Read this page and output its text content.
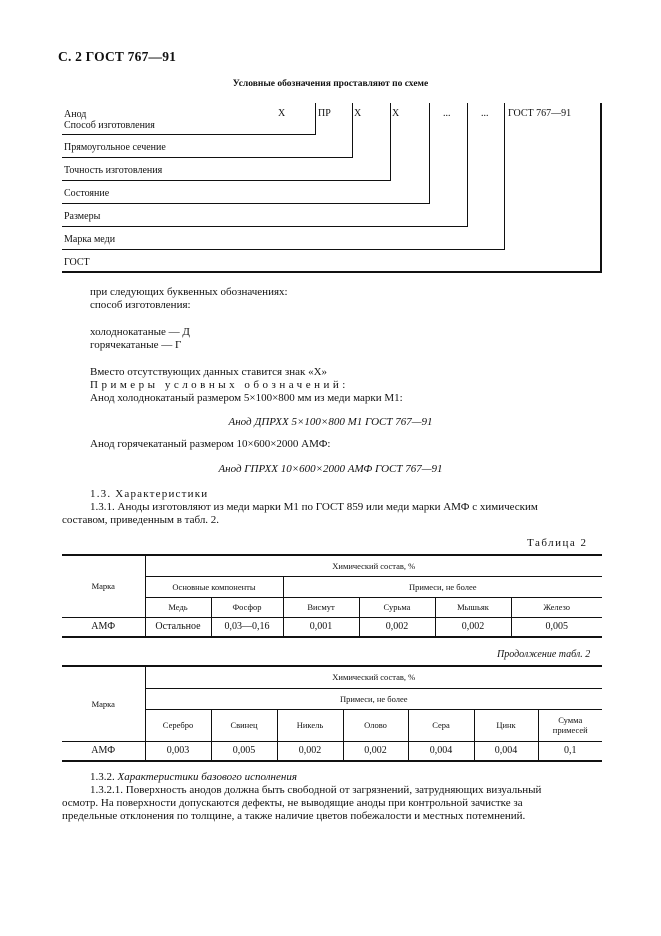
С. 2 ГОСТ 767—91
Условные обозначения проставляют по схеме
Х	ПР Х	Х	...	... ГОСТ 767—91
Анод
Способ изготовления
Прямоугольное сечение
Точность изготовления
Состояние
Размеры
Марка меди
ГОСТ
при следующих буквенных обозначениях:
способ изготовления:
холоднокатаные — Д
горячекатаные — Г
Вместо отсутствующих данных ставится знак «Х»
Примеры условных обозначений:
Анод холоднокатаный размером 5×100×800 мм из меди марки М1:
Анод ДПРХХ 5×100×800 М1 ГОСТ 767—91
Анод горячекатаный размером 10×600×2000 АМФ:
Анод ГПРХХ 10×600×2000 АМФ ГОСТ 767—91
1.3. Характеристики
1.3.1. Аноды изготовляют из меди марки М1 по ГОСТ 859 или меди марки АМФ с химическим
составом, приведенным в табл. 2.
Таблица 2
Марка	Химический состав, %					
	Основные компоненты		Примеси, не более			
	Медь	Фосфор	Висмут	Сурьма	Мышьяк	Железо
АМФ	Остальное	0,03—0,16	0,001	0,002	0,002	0,005
Продолжение табл. 2
Марка	Химический состав, %						
	Примеси, не более						
	Серебро	Свинец	Никель	Олово	Сера	Цинк	Сумма примесей
АМФ	0,003	0,005	0,002	0,002	0,004	0,004	0,1
1.3.2. Характеристики базового исполнения
1.3.2.1. Поверхность анодов должна быть свободной от загрязнений, затрудняющих визуальный
осмотр. На поверхности допускаются дефекты, не выводящие аноды при контрольной зачистке за
предельные отклонения по толщине, а также наличие цветов побежалости и местных потемнений.
